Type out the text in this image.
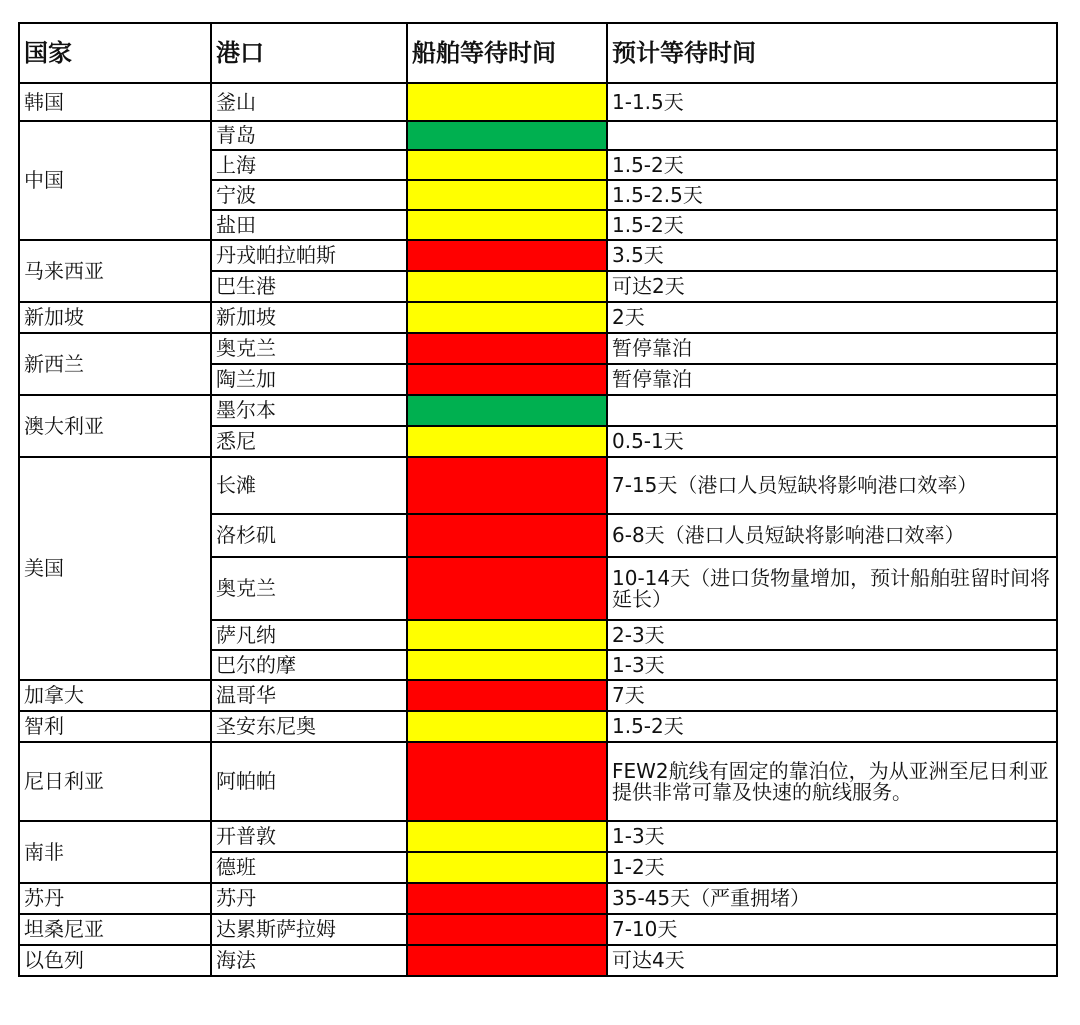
国家	港口	船舶等待时间	预计等待时间
韩国	釜山		1-1.5天
中国	青岛		
	上海		1.5-2天
	宁波		1.5-2.5天
	盐田		1.5-2天
马来西亚	丹戎帕拉帕斯		3.5天
	巴生港		可达2天
新加坡	新加坡		2天
新西兰	奥克兰		暂停靠泊
	陶兰加		暂停靠泊
澳大利亚	墨尔本		
	悉尼		0.5-1天
美国	长滩		7-15天（港口人员短缺将影响港口效率）
	洛杉矶		6-8天（港口人员短缺将影响港口效率）
	奥克兰		10-14天（进口货物量增加，预计船舶驻留时间将延长）
	萨凡纳		2-3天
	巴尔的摩		1-3天
加拿大	温哥华		7天
智利	圣安东尼奥		1.5-2天
尼日利亚	阿帕帕		FEW2航线有固定的靠泊位，为从亚洲至尼日利亚提供非常可靠及快速的航线服务。
南非	开普敦		1-3天
	德班		1-2天
苏丹	苏丹		35-45天（严重拥堵）
坦桑尼亚	达累斯萨拉姆		7-10天
以色列	海法		可达4天
